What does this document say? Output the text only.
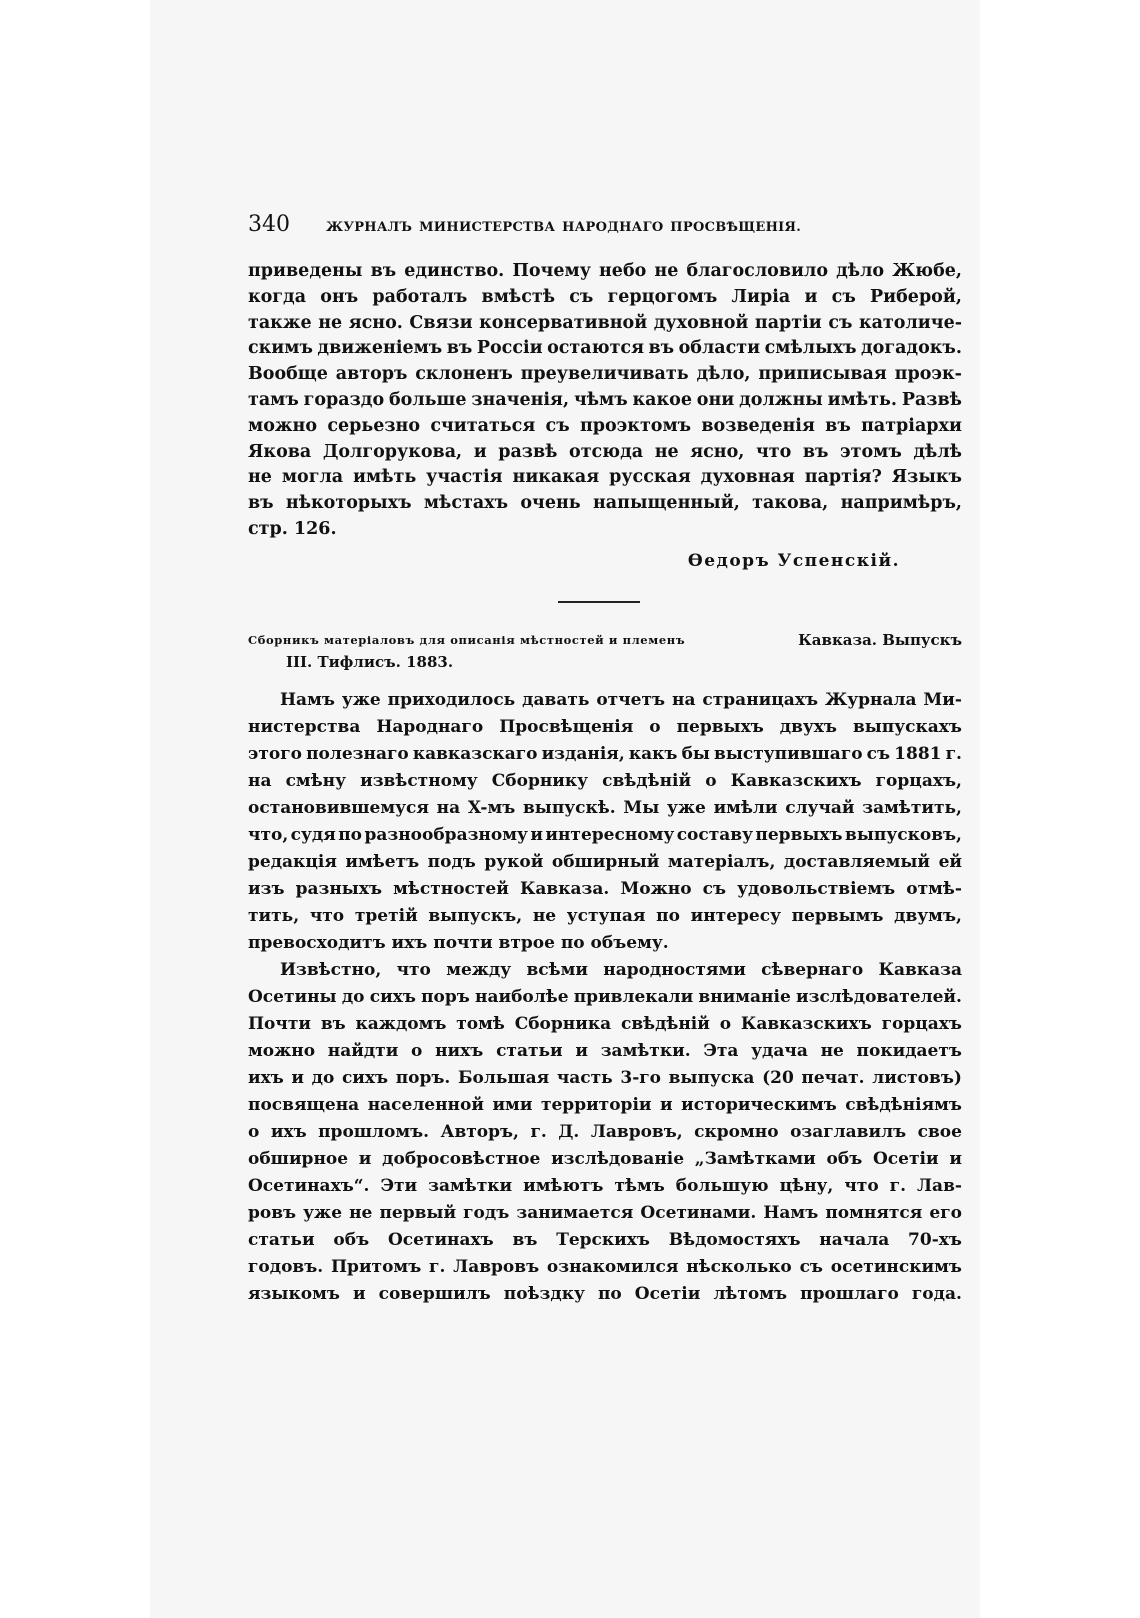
340	ЖУРНАЛЪ МИНИСТЕРСТВА НАРОДНАГО ПРОСВѢЩЕНІЯ.
приведены въ единство. Почему небо не благословило дѣло Жюбе,
когда онъ работалъ вмѣстѣ съ герцогомъ Лиріа и съ Риберой,
также не ясно. Связи консервативной духовной партіи съ католиче-
скимъ движеніемъ въ Россіи остаются въ области смѣлыхъ догадокъ.
Вообще авторъ склоненъ преувеличивать дѣло, приписывая проэк-
тамъ гораздо больше значенія, чѣмъ какое они должны имѣть. Развѣ
можно серьезно считаться съ проэктомъ возведенія въ патріархи
Якова Долгорукова, и развѣ отсюда не ясно, что въ этомъ дѣлѣ
не могла имѣть участія никакая русская духовная партія? Языкъ
въ нѣкоторыхъ мѣстахъ очень напыщенный, такова, напримѣръ,
стр. 126.
Өедоръ Успенскій.
Сборникъ матеріаловъ для описанія мѣстностей и племенъ	Кавказа. Выпускъ
III. Тифлисъ. 1883.
Намъ уже приходилось давать отчетъ на страницахъ Журнала Ми-
нистерства Народнаго Просвѣщенія о первыхъ двухъ выпускахъ
этого полезнаго кавказскаго изданія, какъ бы выступившаго съ 1881 г.
на смѣну извѣстному Сборнику свѣдѣній о Кавказскихъ горцахъ,
остановившемуся на X-мъ выпускѣ. Мы уже имѣли случай замѣтить,
что, судя по разнообразному и интересному составу первыхъ выпусковъ,
редакція имѣетъ подъ рукой обширный матеріалъ, доставляемый ей
изъ разныхъ мѣстностей Кавказа. Можно съ удовольствіемъ отмѣ-
тить, что третій выпускъ, не уступая по интересу первымъ двумъ,
превосходитъ ихъ почти втрое по объему.
Извѣстно, что между всѣми народностями сѣвернаго Кавказа
Осетины до сихъ поръ наиболѣе привлекали вниманіе изслѣдователей.
Почти въ каждомъ томѣ Сборника свѣдѣній о Кавказскихъ горцахъ
можно найдти о нихъ статьи и замѣтки. Эта удача не покидаетъ
ихъ и до сихъ поръ. Большая часть 3-го выпуска (20 печат. листовъ)
посвящена населенной ими территоріи и историческимъ свѣдѣніямъ
о ихъ прошломъ. Авторъ, г. Д. Лавровъ, скромно озаглавилъ свое
обширное и добросовѣстное изслѣдованіе „Замѣтками объ Осетіи и
Осетинахъ“. Эти замѣтки имѣютъ тѣмъ большую цѣну, что г. Лав-
ровъ уже не первый годъ занимается Осетинами. Намъ помнятся его
статьи объ Осетинахъ въ Терскихъ Вѣдомостяхъ начала 70-хъ
годовъ. Притомъ г. Лавровъ ознакомился нѣсколько съ осетинскимъ
языкомъ и совершилъ поѣздку по Осетіи лѣтомъ прошлаго года.
